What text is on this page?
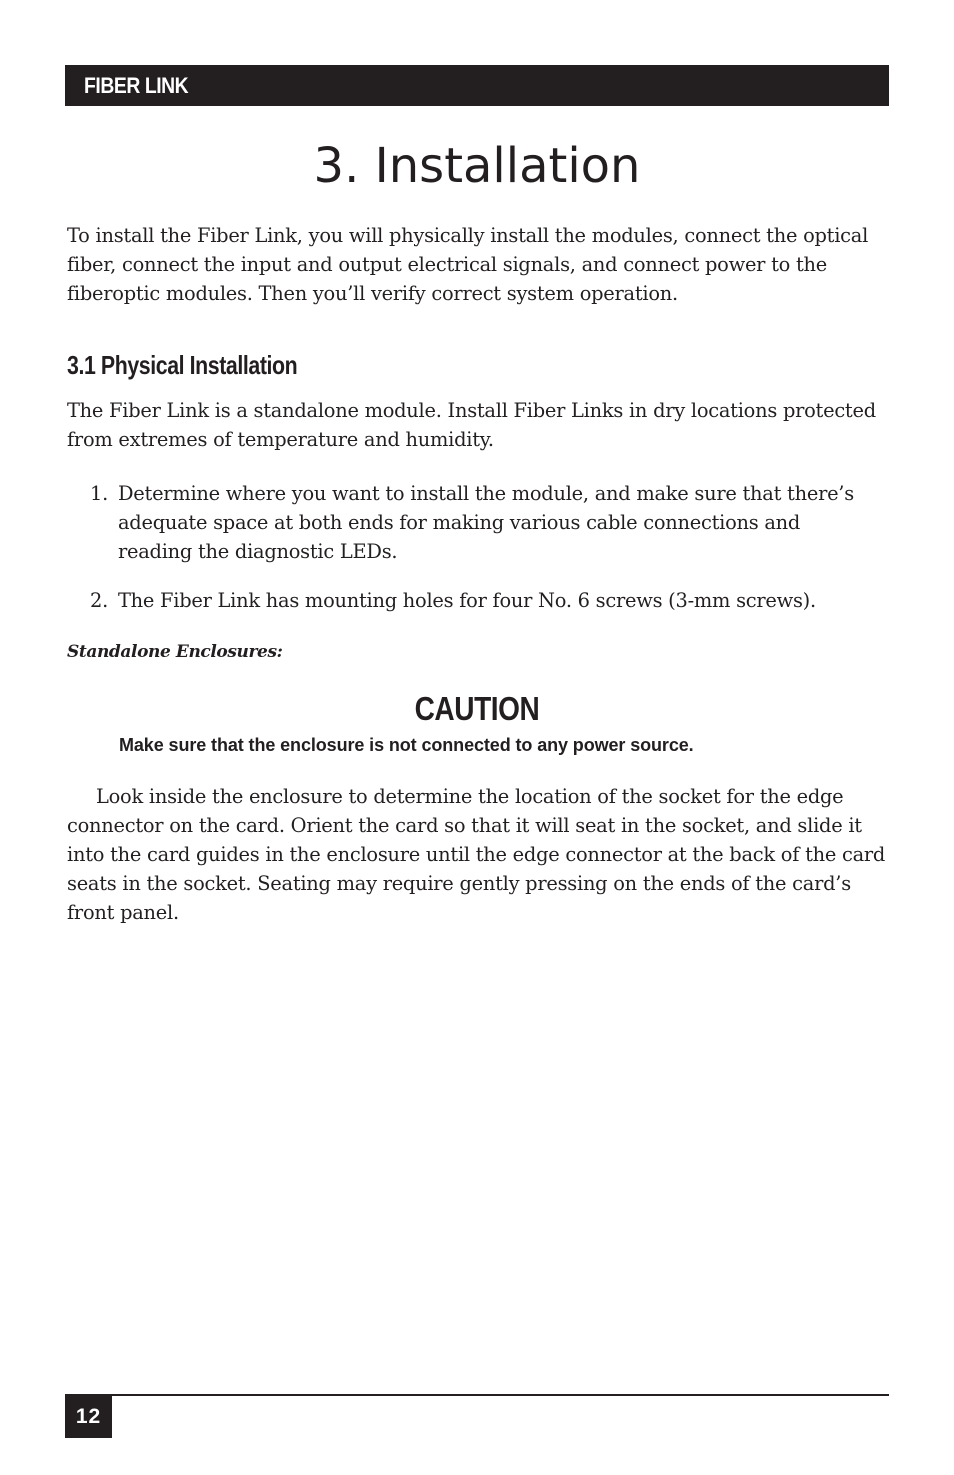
FIBER LINK
3. Installation

To install the Fiber Link, you will physically install the modules, connect the optical fiber, connect the input and output electrical signals, and connect power to the fiberoptic modules. Then you’ll verify correct system operation.

3.1 Physical Installation

The Fiber Link is a standalone module. Install Fiber Links in dry locations protected from extremes of temperature and humidity.

1. Determine where you want to install the module, and make sure that there’s adequate space at both ends for making various cable connections and reading the diagnostic LEDs.
2. The Fiber Link has mounting holes for four No. 6 screws (3-mm screws).
Standalone Enclosures:
CAUTION
Make sure that the enclosure is not connected to any power source.

Look inside the enclosure to determine the location of the socket for the edge connector on the card. Orient the card so that it will seat in the socket, and slide it into the card guides in the enclosure until the edge connector at the back of the card seats in the socket. Seating may require gently pressing on the ends of the card’s front panel.

12
